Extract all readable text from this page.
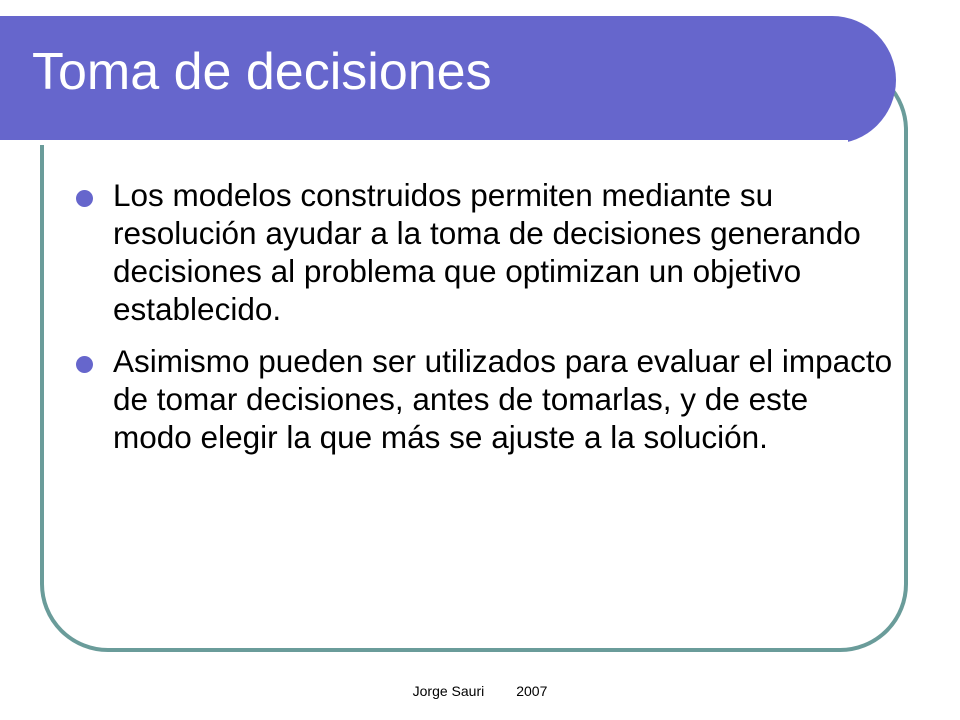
Toma de decisiones
Los modelos construidos permiten mediante su resolución ayudar a la toma de decisiones generando decisiones al problema que optimizan un objetivo establecido.
Asimismo pueden ser utilizados para evaluar el impacto de tomar decisiones, antes de tomarlas, y de este modo elegir la que más se ajuste a la solución.
Jorge Sauri 2007
